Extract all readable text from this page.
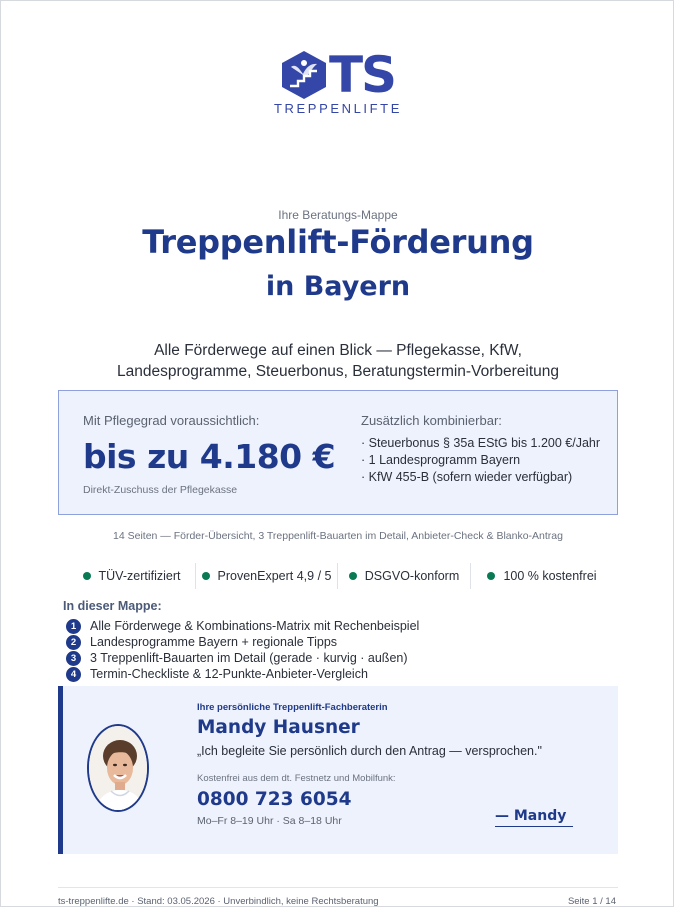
TS
TREPPENLIFTE
Ihre Beratungs-Mappe
Treppenlift-Förderung
in Bayern
Alle Förderwege auf einen Blick — Pflegekasse, KfW,
Landesprogramme, Steuerbonus, Beratungstermin-Vorbereitung
Mit Pflegegrad voraussichtlich:
bis zu 4.180 €
Direkt-Zuschuss der Pflegekasse
Zusätzlich kombinierbar:
· Steuerbonus § 35a EStG bis 1.200 €/Jahr
· 1 Landesprogramm Bayern
· KfW 455-B (sofern wieder verfügbar)
14 Seiten — Förder-Übersicht, 3 Treppenlift-Bauarten im Detail, Anbieter-Check & Blanko-Antrag
TÜV-zertifiziert	ProvenExpert 4,9 / 5	DSGVO-konform	100 % kostenfrei
In dieser Mappe:
1	Alle Förderwege & Kombinations-Matrix mit Rechenbeispiel
2	Landesprogramme Bayern + regionale Tipps
3	3 Treppenlift-Bauarten im Detail (gerade · kurvig · außen)
4	Termin-Checkliste & 12-Punkte-Anbieter-Vergleich
Ihre persönliche Treppenlift-Fachberaterin
Mandy Hausner
„Ich begleite Sie persönlich durch den Antrag — versprochen."
Kostenfrei aus dem dt. Festnetz und Mobilfunk:
0800 723 6054
Mo–Fr 8–19 Uhr · Sa 8–18 Uhr	— Mandy
ts-treppenlifte.de · Stand: 03.05.2026 · Unverbindlich, keine Rechtsberatung	Seite 1 / 14
